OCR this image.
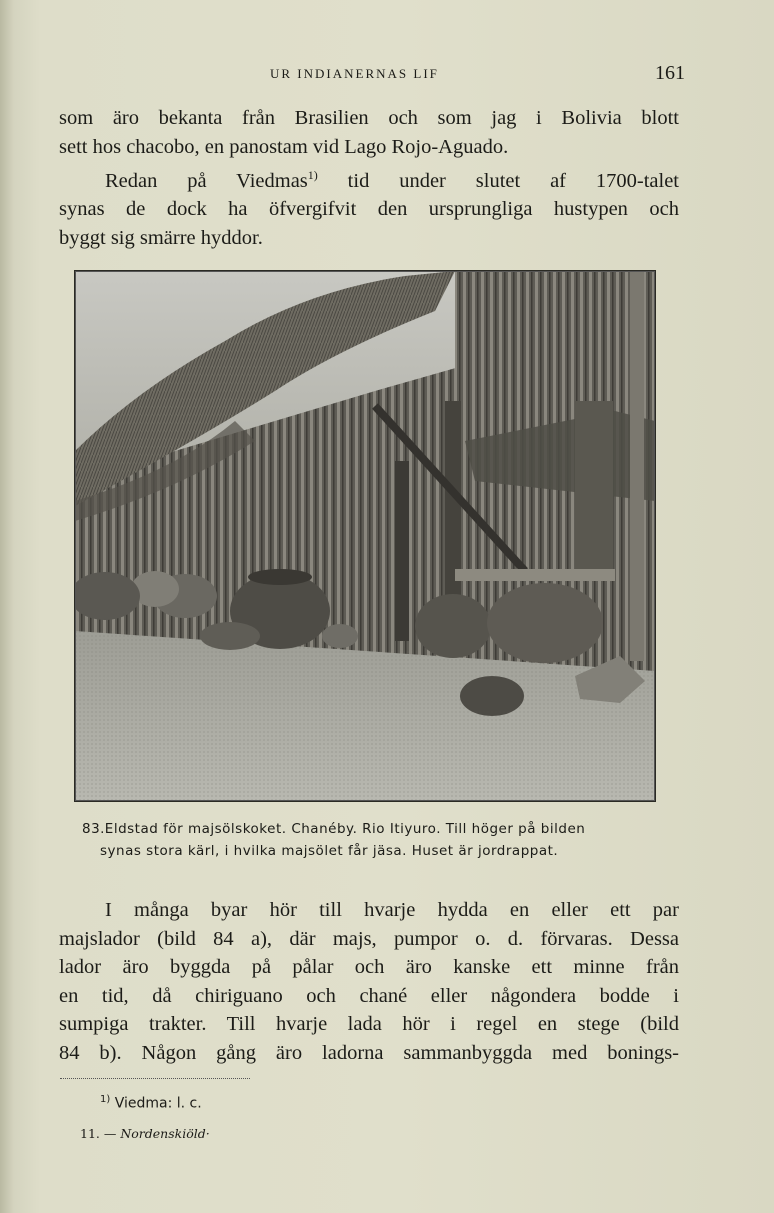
UR INDIANERNAS LIF	161
som äro bekanta från Brasilien och som jag i Bolivia blott
sett hos chacobo, en panostam vid Lago Rojo-Aguado.
Redan på Viedmas$^{1)}$ tid under slutet af 1700-talet
synas de dock ha öfvergifvit den ursprungliga hustypen och
byggt sig smärre hyddor.
83. Eldstad för majsölskoket. Chanéby. Rio Itiyuro. Till höger på bilden
synas stora kärl, i hvilka majsölet får jäsa. Huset är jordrappat.
I många byar hör till hvarje hydda en eller ett par
majslador (bild 84 a), där majs, pumpor o. d. förvaras. Dessa
lador äro byggda på pålar och äro kanske ett minne från
en tid, då chiriguano och chané eller någondera bodde i
sumpiga trakter. Till hvarje lada hör i regel en stege (bild
84 b). Någon gång äro ladorna sammanbyggda med bonings-
$^{1)}$ Viedma: l. c.
11. — Nordenskiöld·
